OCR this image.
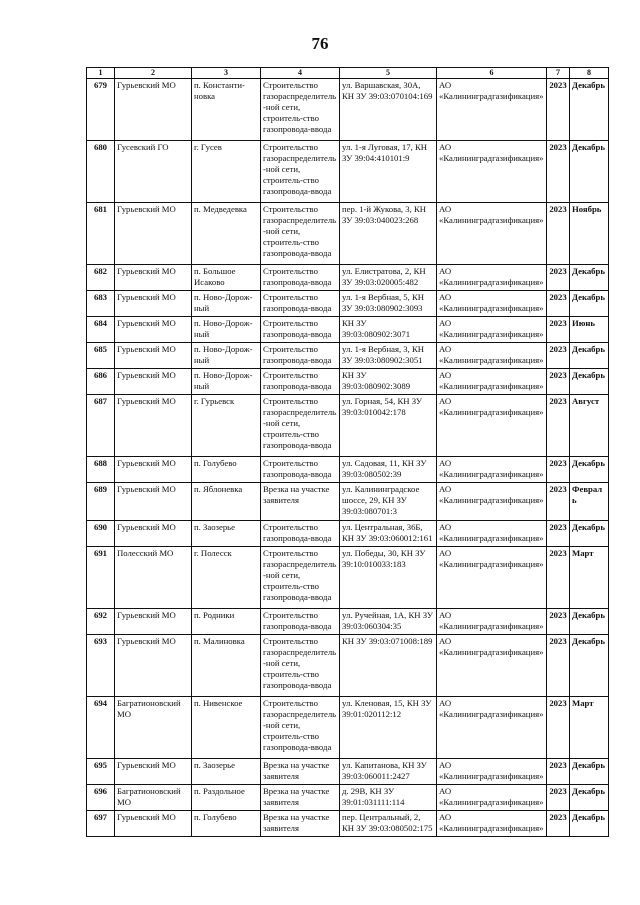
76
1	2	3	4	5	6	7	8
679	Гурьевский МО	п. Константи-новка	Строительство газораспределитель-ной сети, строитель-ство газопровода-ввода	ул. Варшавская, 30А, КН ЗУ 39:03:070104:169	АО «Калининградгазификация»	2023	Декабрь
680	Гусевский ГО	г. Гусев	Строительство газораспределитель-ной сети, строитель-ство газопровода-ввода	ул. 1-я Луговая, 17, КН ЗУ 39:04:410101:9	АО «Калининградгазификация»	2023	Декабрь
681	Гурьевский МО	п. Медведевка	Строительство газораспределитель-ной сети, строитель-ство газопровода-ввода	пер. 1-й Жукова, 3, КН ЗУ 39:03:040023:268	АО «Калининградгазификация»	2023	Ноябрь
682	Гурьевский МО	п. Большое Исаково	Строительство газопровода-ввода	ул. Елистратова, 2, КН ЗУ 39:03:020005:482	АО «Калининградгазификация»	2023	Декабрь
683	Гурьевский МО	п. Ново-Дорож-ный	Строительство газопровода-ввода	ул. 1-я Вербная, 5, КН ЗУ 39:03:080902:3093	АО «Калининградгазификация»	2023	Декабрь
684	Гурьевский МО	п. Ново-Дорож-ный	Строительство газопровода-ввода	КН ЗУ 39:03:080902:3071	АО «Калининградгазификация»	2023	Июнь
685	Гурьевский МО	п. Ново-Дорож-ный	Строительство газопровода-ввода	ул. 1-я Вербная, 3, КН ЗУ 39:03:080902:3051	АО «Калининградгазификация»	2023	Декабрь
686	Гурьевский МО	п. Ново-Дорож-ный	Строительство газопровода-ввода	КН ЗУ 39:03:080902:3089	АО «Калининградгазификация»	2023	Декабрь
687	Гурьевский МО	г. Гурьевск	Строительство газораспределитель-ной сети, строитель-ство газопровода-ввода	ул. Горная, 54, КН ЗУ 39:03:010042:178	АО «Калининградгазификация»	2023	Август
688	Гурьевский МО	п. Голубево	Строительство газопровода-ввода	ул. Садовая, 11, КН ЗУ 39:03:080502:39	АО «Калининградгазификация»	2023	Декабрь
689	Гурьевский МО	п. Яблоневка	Врезка на участке заявителя	ул. Калининградское шоссе, 29, КН ЗУ 39:03:080701:3	АО «Калининградгазификация»	2023	Февраль
690	Гурьевский МО	п. Заозерье	Строительство газопровода-ввода	ул. Центральная, 36Б, КН ЗУ 39:03:060012:161	АО «Калининградгазификация»	2023	Декабрь
691	Полесский МО	г. Полесск	Строительство газораспределитель-ной сети, строитель-ство газопровода-ввода	ул. Победы, 30, КН ЗУ 39:10:010033:183	АО «Калининградгазификация»	2023	Март
692	Гурьевский МО	п. Родники	Строительство газопровода-ввода	ул. Ручейная, 1А, КН ЗУ 39:03:060304:35	АО «Калининградгазификация»	2023	Декабрь
693	Гурьевский МО	п. Малиновка	Строительство газораспределитель-ной сети, строитель-ство газопровода-ввода	КН ЗУ 39:03:071008:189	АО «Калининградгазификация»	2023	Декабрь
694	Багратионовский МО	п. Нивенское	Строительство газораспределитель-ной сети, строитель-ство газопровода-ввода	ул. Кленовая, 15, КН ЗУ 39:01:020112:12	АО «Калининградгазификация»	2023	Март
695	Гурьевский МО	п. Заозерье	Врезка на участке заявителя	ул. Капитанова, КН ЗУ 39:03:060011:2427	АО «Калининградгазификация»	2023	Декабрь
696	Багратионовский МО	п. Раздольное	Врезка на участке заявителя	д. 29В, КН ЗУ 39:01:031111:114	АО «Калининградгазификация»	2023	Декабрь
697	Гурьевский МО	п. Голубево	Врезка на участке заявителя	пер. Центральный, 2, КН ЗУ 39:03:080502:175	АО «Калининградгазификация»	2023	Декабрь
